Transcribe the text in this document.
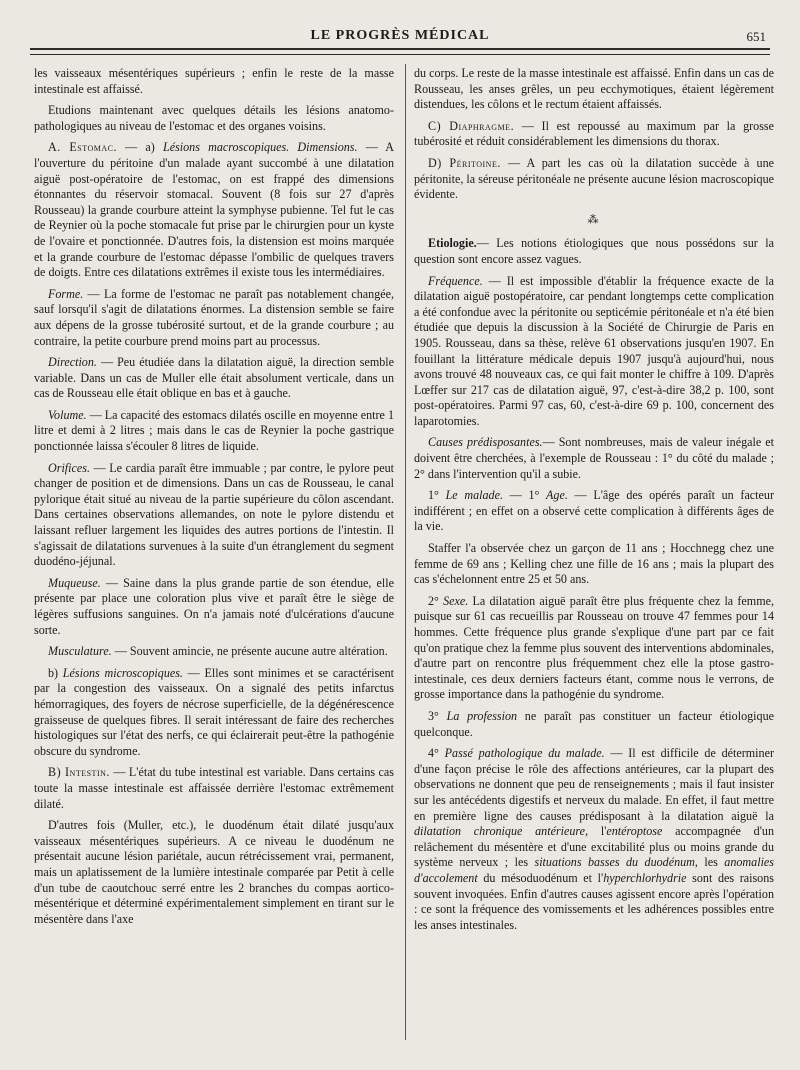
LE PROGRÈS MÉDICAL	651

les vaisseaux mésentériques supérieurs ; enfin le reste de la masse intestinale est affaissé.

Etudions maintenant avec quelques détails les lésions anatomo-pathologiques au niveau de l'estomac et des organes voisins.

A. Estomac. — a) Lésions macroscopiques. Dimensions. — A l'ouverture du péritoine d'un malade ayant succombé à une dilatation aiguë post-opératoire de l'estomac, on est frappé des dimensions étonnantes du réservoir stomacal. Souvent (8 fois sur 27 d'après Rousseau) la grande courbure atteint la symphyse pubienne. Tel fut le cas de Reynier où la poche stomacale fut prise par le chirurgien pour un kyste de l'ovaire et ponctionnée. D'autres fois, la distension est moins marquée et la grande courbure de l'estomac dépasse l'ombilic de quelques travers de doigts. Entre ces dilatations extrêmes il existe tous les intermédiaires.

Forme. — La forme de l'estomac ne paraît pas notablement changée, sauf lorsqu'il s'agit de dilatations énormes. La distension semble se faire aux dépens de la grosse tubérosité surtout, et de la grande courbure ; au contraire, la petite courbure prend moins part au processus.

Direction. — Peu étudiée dans la dilatation aiguë, la direction semble variable. Dans un cas de Muller elle était absolument verticale, dans un cas de Rousseau elle était oblique en bas et à gauche.

Volume. — La capacité des estomacs dilatés oscille en moyenne entre 1 litre et demi à 2 litres ; mais dans le cas de Reynier la poche gastrique ponctionnée laissa s'écouler 8 litres de liquide.

Orifices. — Le cardia paraît être immuable ; par contre, le pylore peut changer de position et de dimensions. Dans un cas de Rousseau, le canal pylorique était situé au niveau de la partie supérieure du côlon ascendant. Dans certaines observations allemandes, on note le pylore distendu et laissant refluer largement les liquides des autres portions de l'intestin. Il s'agissait de dilatations survenues à la suite d'un étranglement du segment duodéno-jéjunal.

Muqueuse. — Saine dans la plus grande partie de son étendue, elle présente par place une coloration plus vive et paraît être le siège de légères suffusions sanguines. On n'a jamais noté d'ulcérations d'aucune sorte.

Musculature. — Souvent amincie, ne présente aucune autre altération.

b) Lésions microscopiques. — Elles sont minimes et se caractérisent par la congestion des vaisseaux. On a signalé des petits infarctus hémorragiques, des foyers de nécrose superficielle, de la dégénérescence graisseuse de quelques fibres. Il serait intéressant de faire des recherches histologiques sur l'état des nerfs, ce qui éclairerait peut-être la pathogénie obscure du syndrome.

B) Intestin. — L'état du tube intestinal est variable. Dans certains cas toute la masse intestinale est affaissée derrière l'estomac extrêmement dilaté.

D'autres fois (Muller, etc.), le duodénum était dilaté jusqu'aux vaisseaux mésentériques supérieurs. A ce niveau le duodénum ne présentait aucune lésion pariétale, aucun rétrécissement vrai, permanent, mais un aplatissement de la lumière intestinale comparée par Petit à celle d'un tube de caoutchouc serré entre les 2 branches du compas aortico-mésentérique et déterminé expérimentalement simplement en tirant sur le mésentère dans l'axe

du corps. Le reste de la masse intestinale est affaissé. Enfin dans un cas de Rousseau, les anses grêles, un peu ecchymotiques, étaient légèrement distendues, les côlons et le rectum étaient affaissés.

C) Diaphragme. — Il est repoussé au maximum par la grosse tubérosité et réduit considérablement les dimensions du thorax.

D) Péritoine. — A part les cas où la dilatation succède à une péritonite, la séreuse péritonéale ne présente aucune lésion macroscopique évidente.

⁂

Etiologie.— Les notions étiologiques que nous possédons sur la question sont encore assez vagues.

Fréquence. — Il est impossible d'établir la fréquence exacte de la dilatation aiguë postopératoire, car pendant longtemps cette complication a été confondue avec la péritonite ou septicémie péritonéale et n'a été bien étudiée que depuis la discussion à la Société de Chirurgie de Paris en 1905. Rousseau, dans sa thèse, relève 61 observations jusqu'en 1907. En fouillant la littérature médicale depuis 1907 jusqu'à aujourd'hui, nous avons trouvé 48 nouveaux cas, ce qui fait monter le chiffre à 109. D'après Lœffer sur 217 cas de dilatation aiguë, 97, c'est-à-dire 38,2 p. 100, sont post-opératoires. Parmi 97 cas, 60, c'est-à-dire 69 p. 100, concernent des laparotomies.

Causes prédisposantes.— Sont nombreuses, mais de valeur inégale et doivent être cherchées, à l'exemple de Rousseau : 1° du côté du malade ; 2° dans l'intervention qu'il a subie.

1° Le malade. — 1° Age. — L'âge des opérés paraît un facteur indifférent ; en effet on a observé cette complication à différents âges de la vie.

Staffer l'a observée chez un garçon de 11 ans ; Hocchnegg chez une femme de 69 ans ; Kelling chez une fille de 16 ans ; mais la plupart des cas s'échelonnent entre 25 et 50 ans.

2° Sexe. La dilatation aiguë paraît être plus fréquente chez la femme, puisque sur 61 cas recueillis par Rousseau on trouve 47 femmes pour 14 hommes. Cette fréquence plus grande s'explique d'une part par ce fait qu'on pratique chez la femme plus souvent des interventions abdominales, d'autre part on rencontre plus fréquemment chez elle la ptose gastro-intestinale, ces deux derniers facteurs étant, comme nous le verrons, de grosse importance dans la pathogénie du syndrome.

3° La profession ne paraît pas constituer un facteur étiologique quelconque.

4° Passé pathologique du malade. — Il est difficile de déterminer d'une façon précise le rôle des affections antérieures, car la plupart des observations ne donnent que peu de renseignements ; mais il faut insister sur les antécédents digestifs et nerveux du malade. En effet, il faut mettre en première ligne des causes prédisposant à la dilatation aiguë la dilatation chronique antérieure, l'entéroptose accompagnée d'un relâchement du mésentère et d'une excitabilité plus ou moins grande du système nerveux ; les situations basses du duodénum, les anomalies d'accolement du mésoduodénum et l'hyperchlorhydrie sont des raisons souvent invoquées. Enfin d'autres causes agissent encore après l'opération : ce sont la fréquence des vomissements et les adhérences possibles entre les anses intestinales.
